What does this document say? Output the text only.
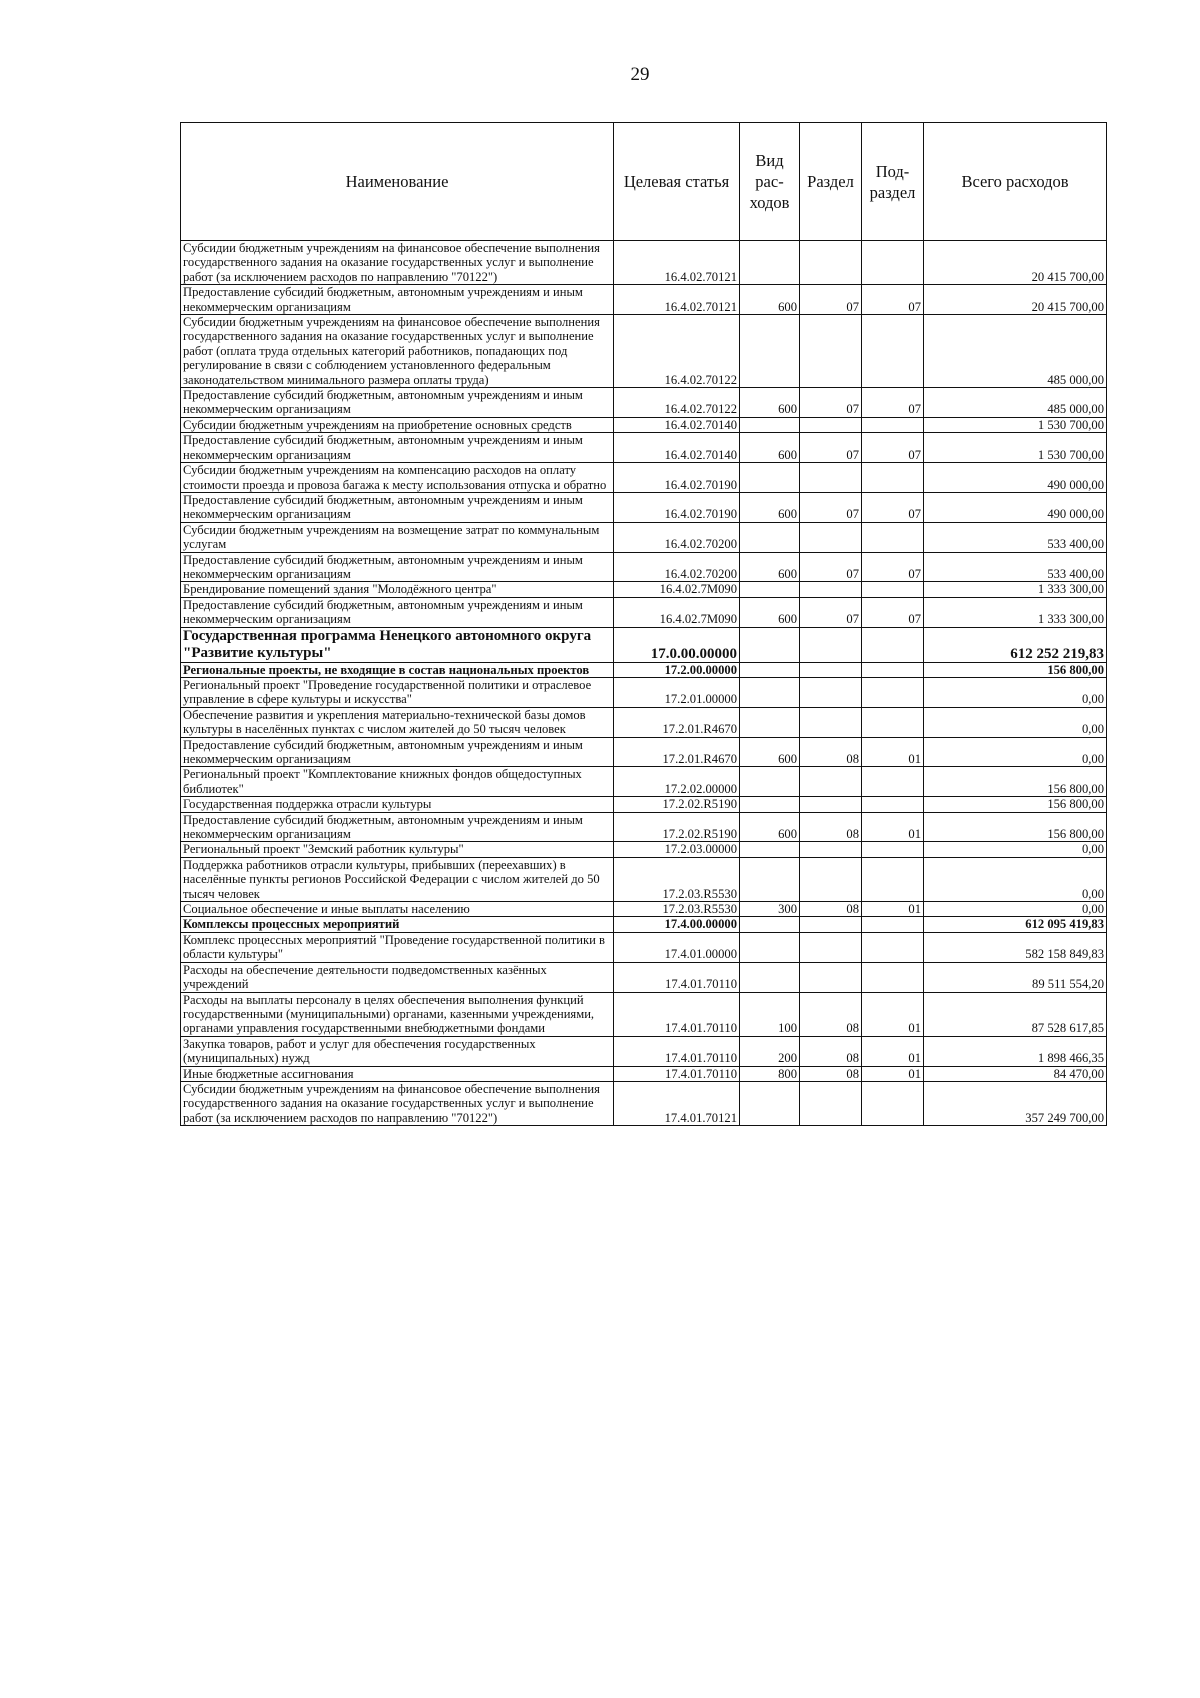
29
Наименование	Целевая статья	Вид рас- ходов	Раздел	Под- раздел	Всего расходов
Субсидии бюджетным учреждениям на финансовое обеспечение выполнения государственного задания на оказание государственных услуг и выполнение работ (за исключением расходов по направлению "70122")	16.4.02.70121				20 415 700,00
Предоставление субсидий бюджетным, автономным учреждениям и иным некоммерческим организациям	16.4.02.70121	600	07	07	20 415 700,00
Субсидии бюджетным учреждениям на финансовое обеспечение выполнения государственного задания на оказание государственных услуг и выполнение работ (оплата труда отдельных категорий работников, попадающих под регулирование в связи с соблюдением установленного федеральным законодательством минимального размера оплаты труда)	16.4.02.70122				485 000,00
Предоставление субсидий бюджетным, автономным учреждениям и иным некоммерческим организациям	16.4.02.70122	600	07	07	485 000,00
Субсидии бюджетным учреждениям на приобретение основных средств	16.4.02.70140				1 530 700,00
Предоставление субсидий бюджетным, автономным учреждениям и иным некоммерческим организациям	16.4.02.70140	600	07	07	1 530 700,00
Субсидии бюджетным учреждениям на компенсацию расходов на оплату стоимости проезда и провоза багажа к месту использования отпуска и обратно	16.4.02.70190				490 000,00
Предоставление субсидий бюджетным, автономным учреждениям и иным некоммерческим организациям	16.4.02.70190	600	07	07	490 000,00
Субсидии бюджетным учреждениям на возмещение затрат по коммунальным услугам	16.4.02.70200				533 400,00
Предоставление субсидий бюджетным, автономным учреждениям и иным некоммерческим организациям	16.4.02.70200	600	07	07	533 400,00
Брендирование помещений здания "Молодёжного центра"	16.4.02.7М090				1 333 300,00
Предоставление субсидий бюджетным, автономным учреждениям и иным некоммерческим организациям	16.4.02.7М090	600	07	07	1 333 300,00
Государственная программа Ненецкого автономного округа "Развитие культуры"	17.0.00.00000				612 252 219,83
Региональные проекты, не входящие в состав национальных проектов	17.2.00.00000				156 800,00
Региональный проект "Проведение государственной политики и отраслевое управление в сфере культуры и искусства"	17.2.01.00000				0,00
Обеспечение развития и укрепления материально-технической базы домов культуры в населённых пунктах с числом жителей до 50 тысяч человек	17.2.01.R4670				0,00
Предоставление субсидий бюджетным, автономным учреждениям и иным некоммерческим организациям	17.2.01.R4670	600	08	01	0,00
Региональный проект "Комплектование книжных фондов общедоступных библиотек"	17.2.02.00000				156 800,00
Государственная поддержка отрасли культуры	17.2.02.R5190				156 800,00
Предоставление субсидий бюджетным, автономным учреждениям и иным некоммерческим организациям	17.2.02.R5190	600	08	01	156 800,00
Региональный проект "Земский работник культуры"	17.2.03.00000				0,00
Поддержка работников отрасли культуры, прибывших (переехавших) в населённые пункты регионов Российской Федерации с числом жителей до 50 тысяч человек	17.2.03.R5530				0,00
Социальное обеспечение и иные выплаты населению	17.2.03.R5530	300	08	01	0,00
Комплексы процессных мероприятий	17.4.00.00000				612 095 419,83
Комплекс процессных мероприятий "Проведение государственной политики в области культуры"	17.4.01.00000				582 158 849,83
Расходы на обеспечение деятельности подведомственных казённых учреждений	17.4.01.70110				89 511 554,20
Расходы на выплаты персоналу в целях обеспечения выполнения функций государственными (муниципальными) органами, казенными учреждениями, органами управления государственными внебюджетными фондами	17.4.01.70110	100	08	01	87 528 617,85
Закупка товаров, работ и услуг для обеспечения государственных (муниципальных) нужд	17.4.01.70110	200	08	01	1 898 466,35
Иные бюджетные ассигнования	17.4.01.70110	800	08	01	84 470,00
Субсидии бюджетным учреждениям на финансовое обеспечение выполнения государственного задания на оказание государственных услуг и выполнение работ (за исключением расходов по направлению "70122")	17.4.01.70121				357 249 700,00
